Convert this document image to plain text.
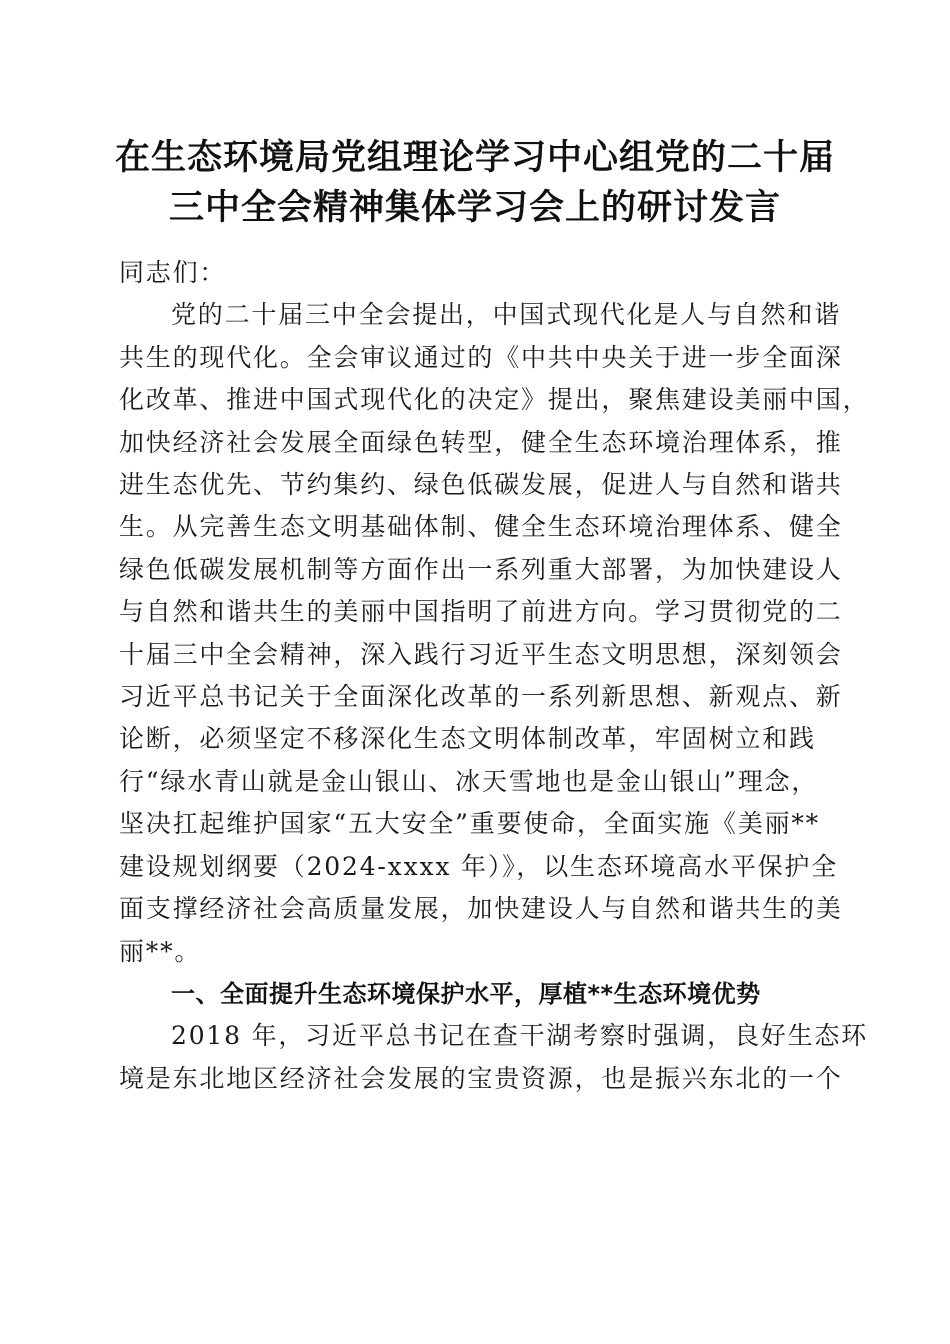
在生态环境局党组理论学习中心组党的二十届
三中全会精神集体学习会上的研讨发言

同志们：

党的二十届三中全会提出，中国式现代化是人与自然和谐
共生的现代化。全会审议通过的《中共中央关于进一步全面深
化改革、推进中国式现代化的决定》提出，聚焦建设美丽中国，
加快经济社会发展全面绿色转型，健全生态环境治理体系，推
进生态优先、节约集约、绿色低碳发展，促进人与自然和谐共
生。从完善生态文明基础体制、健全生态环境治理体系、健全
绿色低碳发展机制等方面作出一系列重大部署，为加快建设人
与自然和谐共生的美丽中国指明了前进方向。学习贯彻党的二
十届三中全会精神，深入践行习近平生态文明思想，深刻领会
习近平总书记关于全面深化改革的一系列新思想、新观点、新
论断，必须坚定不移深化生态文明体制改革，牢固树立和践
行“绿水青山就是金山银山、冰天雪地也是金山银山”理念，
坚决扛起维护国家“五大安全”重要使命，全面实施《美丽**
建设规划纲要（2024-xxxx 年）》，以生态环境高水平保护全
面支撑经济社会高质量发展，加快建设人与自然和谐共生的美
丽**。

一、全面提升生态环境保护水平，厚植**生态环境优势

2018 年，习近平总书记在查干湖考察时强调，良好生态环
境是东北地区经济社会发展的宝贵资源，也是振兴东北的一个
